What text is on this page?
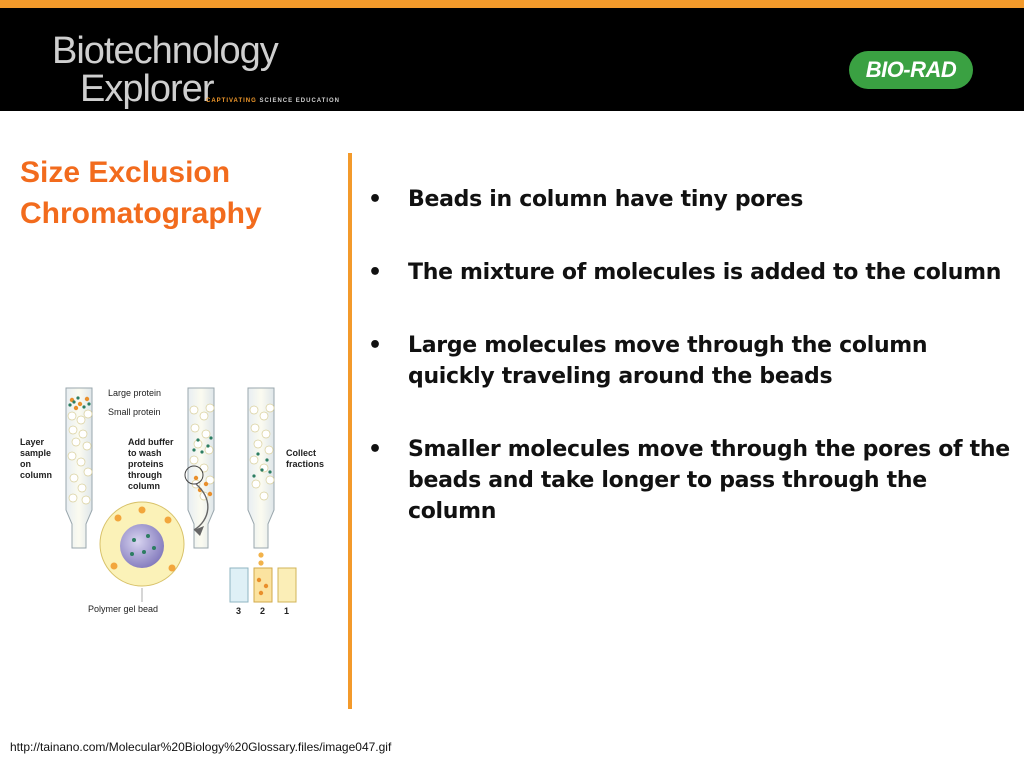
Biotechnology
Explorer
CAPTIVATING SCIENCE EDUCATION
BIO-RAD
Size Exclusion
Chromatography	• Beads in column have tiny pores
• The mixture of molecules is added to the column
• Large molecules move through the column quickly traveling around the beads
• Smaller molecules move through the pores of the beads and take longer to pass through the column
Large protein
Small protein
Layer
sample
on
column
Add buffer
to wash
proteins
through
column
Collect
fractions
Polymer gel bead	3 2 1
http://tainano.com/Molecular%20Biology%20Glossary.files/image047.gif
